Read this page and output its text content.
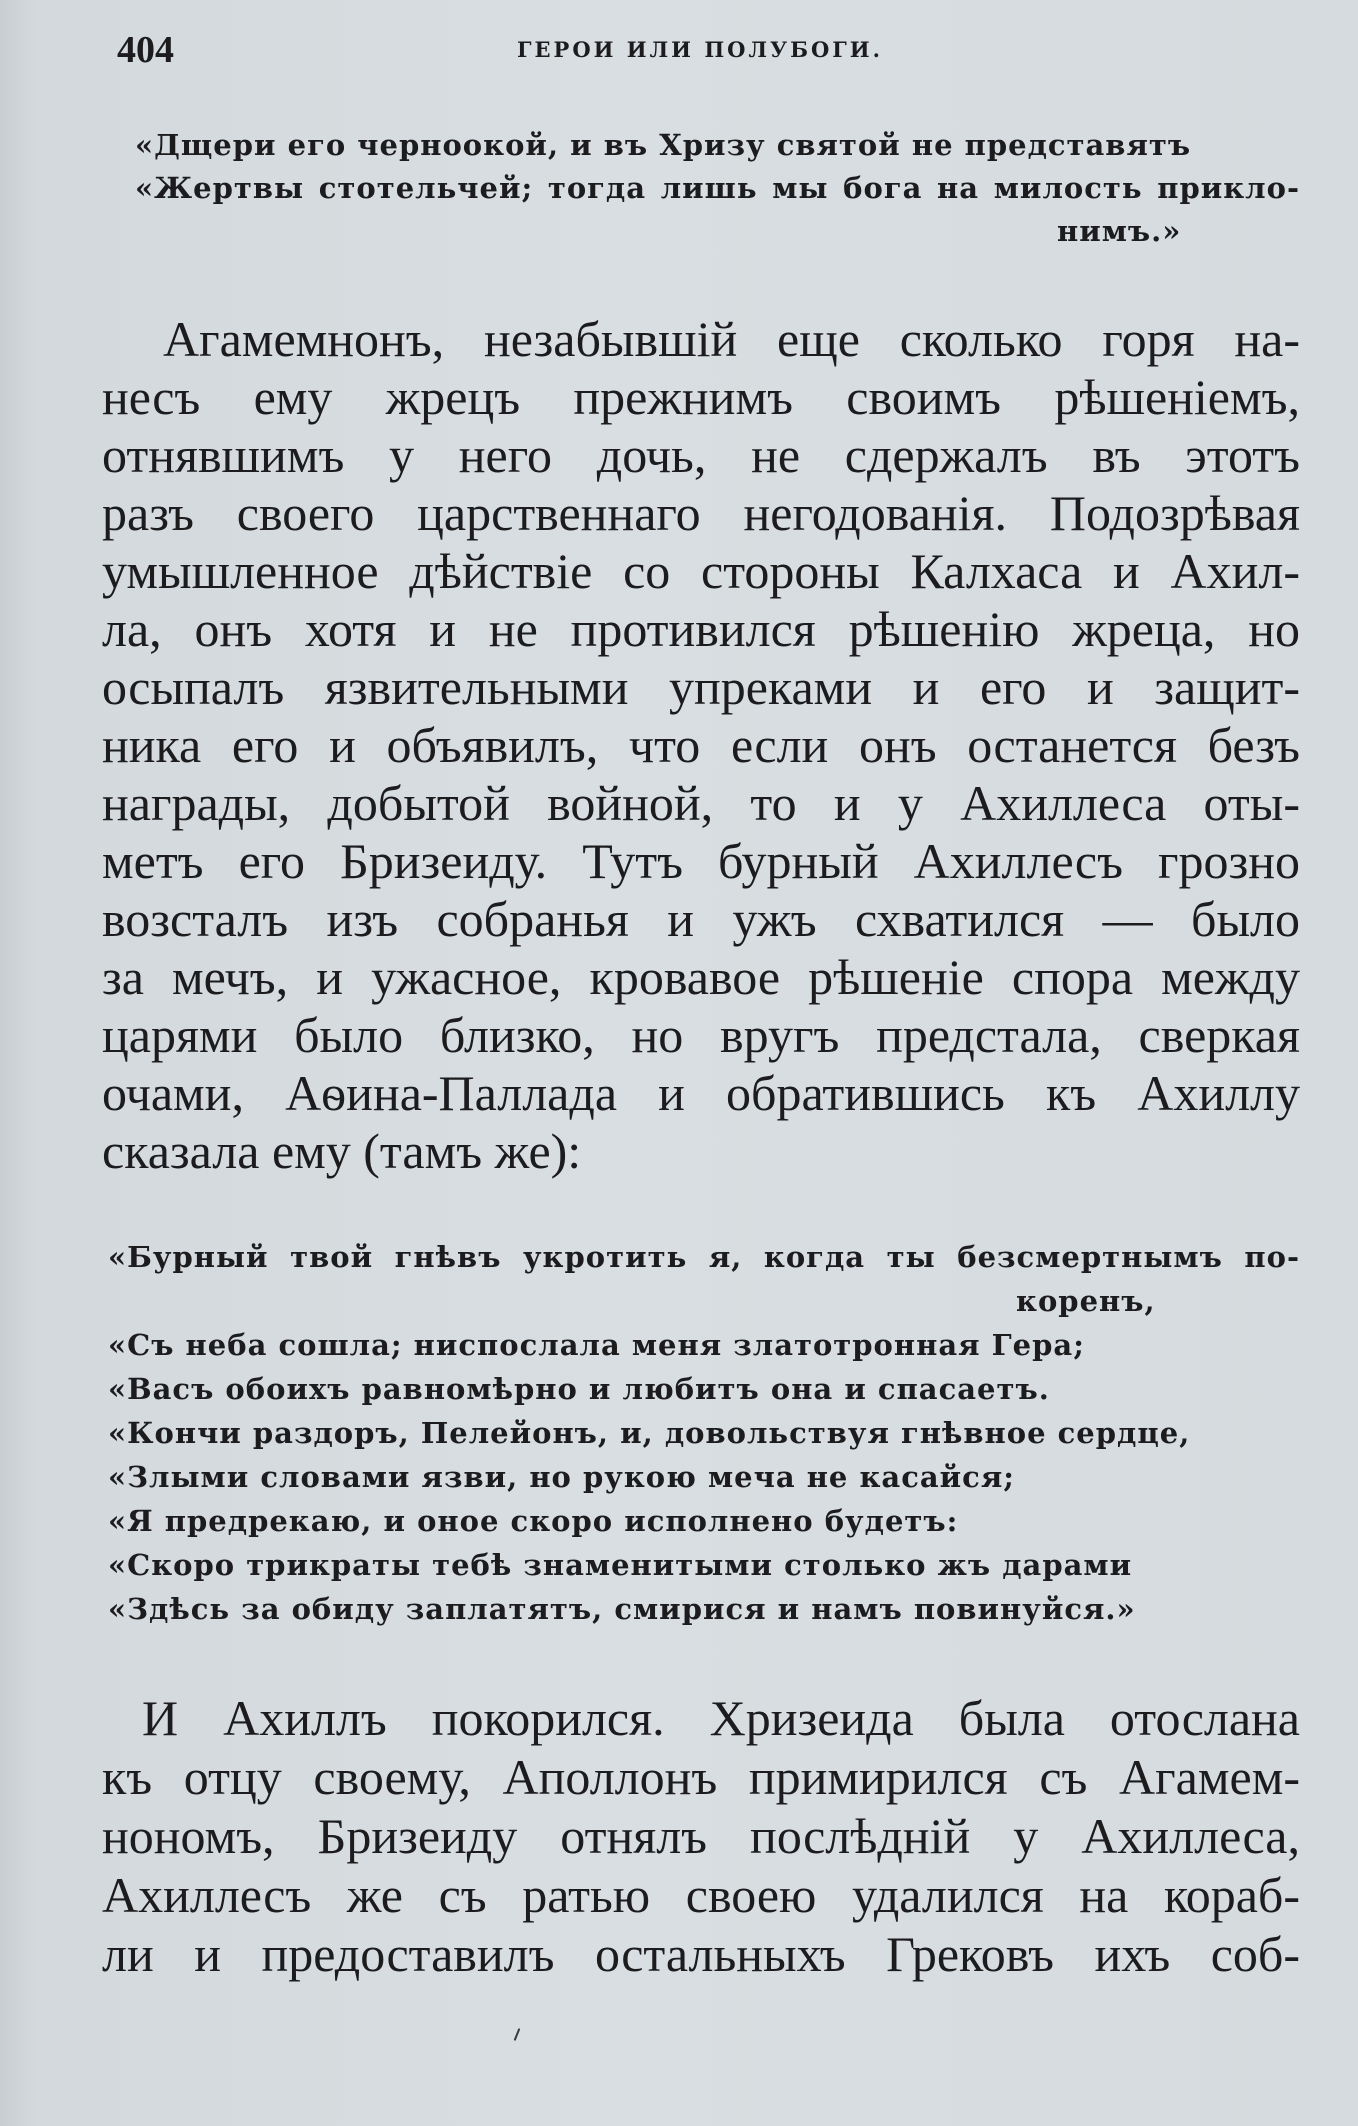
404	ГЕРОИ ИЛИ ПОЛУБОГИ.
«Дщери его черноокой, и въ Хризу святой не представятъ
«Жертвы стотельчей; тогда лишь мы бога на милость прикло-
нимъ.»
Агамемнонъ, незабывшій еще сколько горя на-
несъ ему жрецъ прежнимъ своимъ рѣшеніемъ,
отнявшимъ у него дочь, не сдержалъ въ этотъ
разъ своего царственнаго негодованія. Подозрѣвая
умышленное дѣйствіе со стороны Калхаса и Ахил-
ла, онъ хотя и не противился рѣшенію жреца, но
осыпалъ язвительными упреками и его и защит-
ника его и объявилъ, что если онъ останется безъ
награды, добытой войной, то и у Ахиллеса оты-
метъ его Бризеиду. Тутъ бурный Ахиллесъ грозно
возсталъ изъ собранья и ужъ схватился — было
за мечъ, и ужасное, кровавое рѣшеніе спора между
царями было близко, но вругъ предстала, сверкая
очами, Аѳина-Паллада и обратившись къ Ахиллу
сказала ему (тамъ же):
«Бурный твой гнѣвъ укротить я, когда ты безсмертнымъ по-
коренъ,
«Съ неба сошла; ниспослала меня златотронная Гера;
«Васъ обоихъ равномѣрно и любитъ она и спасаетъ.
«Кончи раздоръ, Пелейонъ, и, довольствуя гнѣвное сердце,
«Злыми словами язви, но рукою меча не касайся;
«Я предрекаю, и оное скоро исполнено будетъ:
«Скоро трикраты тебѣ знаменитыми столько жъ дарами
«Здѣсь за обиду заплатятъ, смирися и намъ повинуйся.»
И Ахиллъ покорился. Хризеида была отослана
къ отцу своему, Аполлонъ примирился съ Агамем-
нономъ, Бризеиду отнялъ послѣдній у Ахиллеса,
Ахиллесъ же съ ратью своею удалился на кораб-
ли и предоставилъ остальныхъ Грековъ ихъ соб-
